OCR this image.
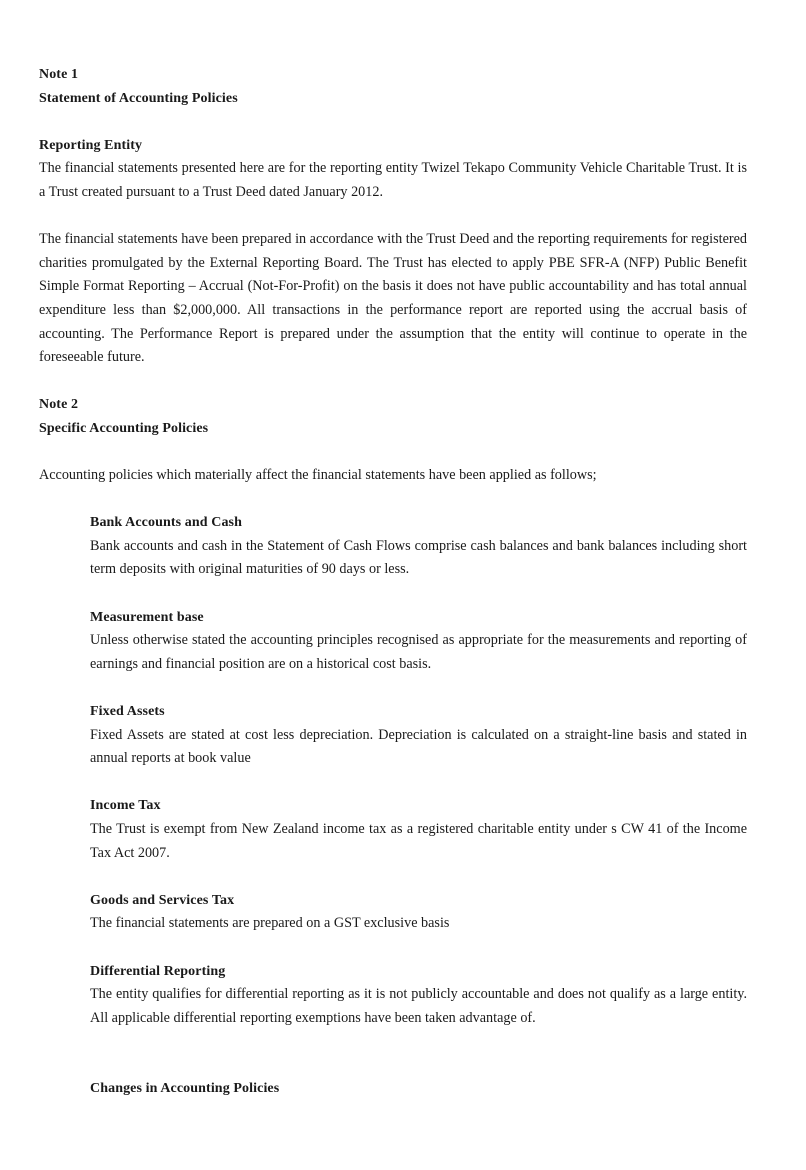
Note 1
Statement of Accounting Policies
Reporting Entity

The financial statements presented here are for the reporting entity Twizel Tekapo Community Vehicle Charitable Trust. It is a Trust created pursuant to a Trust Deed dated January 2012.

The financial statements have been prepared in accordance with the Trust Deed and the reporting requirements for registered charities promulgated by the External Reporting Board. The Trust has elected to apply PBE SFR-A (NFP) Public Benefit Simple Format Reporting – Accrual (Not-For-Profit) on the basis it does not have public accountability and has total annual expenditure less than $2,000,000. All transactions in the performance report are reported using the accrual basis of accounting. The Performance Report is prepared under the assumption that the entity will continue to operate in the foreseeable future.

Note 2
Specific Accounting Policies

Accounting policies which materially affect the financial statements have been applied as follows;

Bank Accounts and Cash

Bank accounts and cash in the Statement of Cash Flows comprise cash balances and bank balances including short term deposits with original maturities of 90 days or less.

Measurement base

Unless otherwise stated the accounting principles recognised as appropriate for the measurements and reporting of earnings and financial position are on a historical cost basis.

Fixed Assets

Fixed Assets are stated at cost less depreciation. Depreciation is calculated on a straight-line basis and stated in annual reports at book value

Income Tax

The Trust is exempt from New Zealand income tax as a registered charitable entity under s CW 41 of the Income Tax Act 2007.

Goods and Services Tax

The financial statements are prepared on a GST exclusive basis

Differential Reporting

The entity qualifies for differential reporting as it is not publicly accountable and does not qualify as a large entity. All applicable differential reporting exemptions have been taken advantage of.

Changes in Accounting Policies
